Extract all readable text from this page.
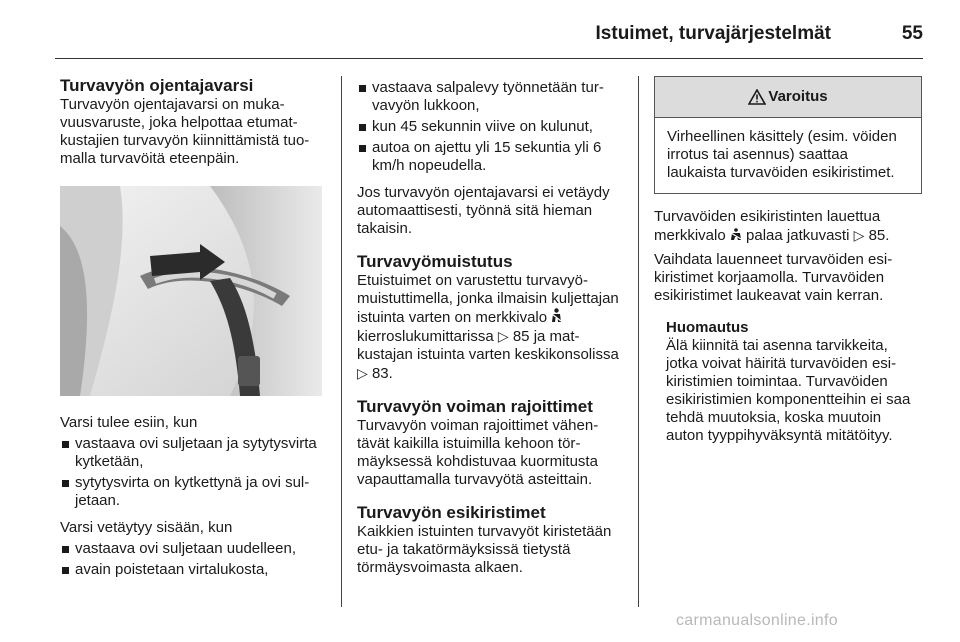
Istuimet, turvajärjestelmät	55
Turvavyön ojentajavarsi

Turvavyön ojentajavarsi on mukavuusvaruste, joka helpottaa etumatkustajien turvavyön kiinnittämistä tuomalla turvavöitä eteenpäin.

Varsi tulee esiin, kun

vastaava ovi suljetaan ja sytytysvirta kytketään,
sytytysvirta on kytkettynä ja ovi suljetaan.

Varsi vetäytyy sisään, kun

vastaava ovi suljetaan uudelleen,
avain poistetaan virtalukosta,
vastaava salpalevy työnnetään turvavyön lukkoon,
kun 45 sekunnin viive on kulunut,
autoa on ajettu yli 15 sekuntia yli 6 km/h nopeudella.

Jos turvavyön ojentajavarsi ei vetäydy automaattisesti, työnnä sitä hieman takaisin.

Turvavyömuistutus

Etuistuimet on varustettu turvavyömuistuttimella, jonka ilmaisin kuljettajan istuinta varten on merkkivalo  kierroslukumittarissa ▷ 85 ja matkustajan istuinta varten keskikonsolissa ▷ 83.

Turvavyön voiman rajoittimet

Turvavyön voiman rajoittimet vähentävät kaikilla istuimilla kehoon törmäyksessä kohdistuvaa kuormitusta vapauttamalla turvavyötä asteittain.

Turvavyön esikiristimet

Kaikkien istuinten turvavyöt kiristetään etu- ja takatörmäyksissä tietystä törmäysvoimasta alkaen.

Varoitus
Virheellinen käsittely (esim. vöiden irrotus tai asennus) saattaa laukaista turvavöiden esikiristimet.

Turvavöiden esikiristinten lauettua merkkivalo palaa jatkuvasti ▷ 85.

Vaihdata lauenneet turvavöiden esikiristimet korjaamolla. Turvavöiden esikiristimet laukeavat vain kerran.

Huomautus

Älä kiinnitä tai asenna tarvikkeita, jotka voivat häiritä turvavöiden esikiristimien toimintaa. Turvavöiden esikiristimien komponentteihin ei saa tehdä muutoksia, koska muutoin auton tyyppihyväksyntä mitätöityy.

carmanualsonline.info
